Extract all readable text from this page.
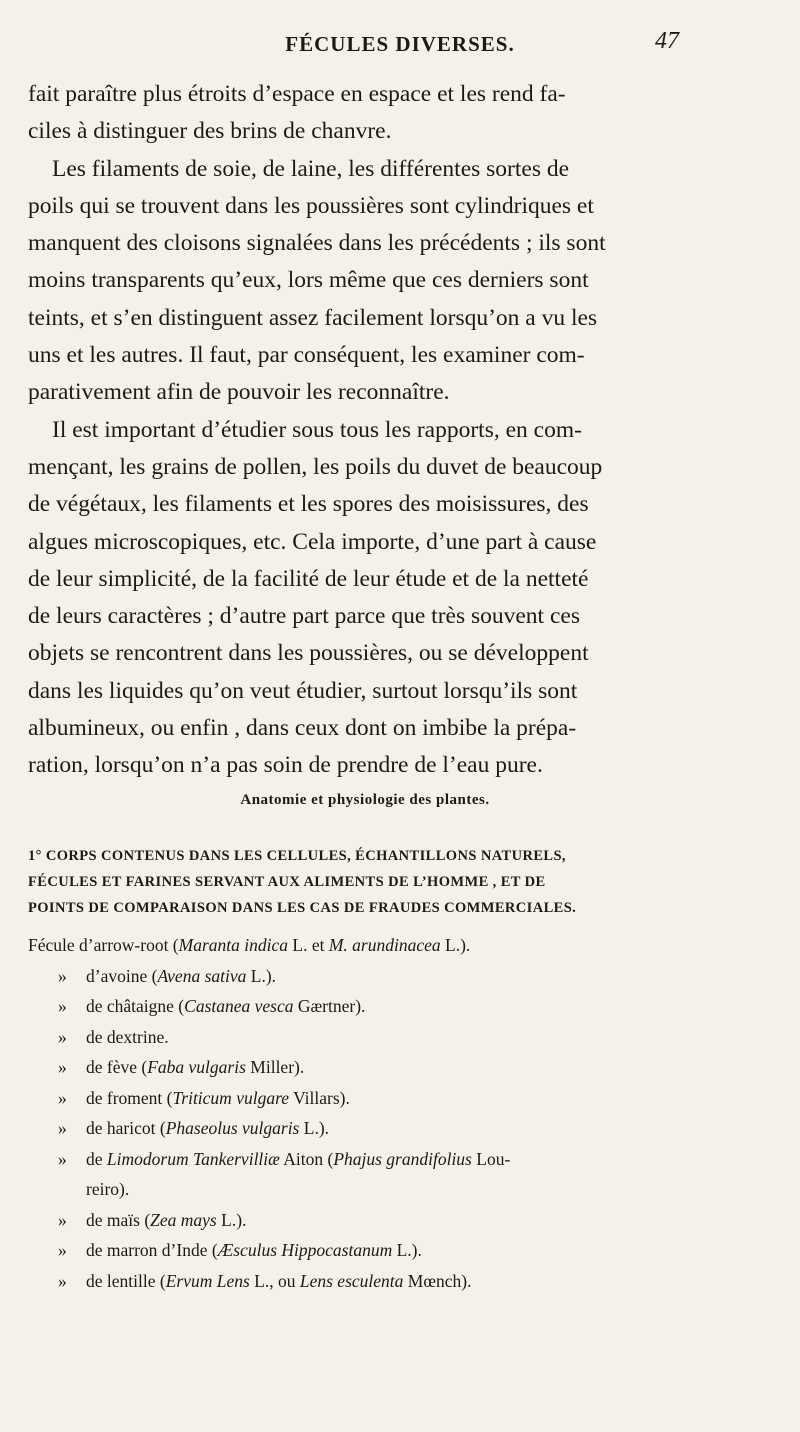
FÉCULES DIVERSES.	47

fait paraître plus étroits d’espace en espace et les rend fa-
ciles à distinguer des brins de chanvre.

Les filaments de soie, de laine, les différentes sortes de
poils qui se trouvent dans les poussières sont cylindriques et
manquent des cloisons signalées dans les précédents ; ils sont
moins transparents qu’eux, lors même que ces derniers sont
teints, et s’en distinguent assez facilement lorsqu’on a vu les
uns et les autres. Il faut, par conséquent, les examiner com-
parativement afin de pouvoir les reconnaître.

Il est important d’étudier sous tous les rapports, en com-
mençant, les grains de pollen, les poils du duvet de beaucoup
de végétaux, les filaments et les spores des moisissures, des
algues microscopiques, etc. Cela importe, d’une part à cause
de leur simplicité, de la facilité de leur étude et de la netteté
de leurs caractères ; d’autre part parce que très souvent ces
objets se rencontrent dans les poussières, ou se développent
dans les liquides qu’on veut étudier, surtout lorsqu’ils sont
albumineux, ou enfin , dans ceux dont on imbibe la prépa-
ration, lorsqu’on n’a pas soin de prendre de l’eau pure.

Anatomie et physiologie des plantes.
1° CORPS CONTENUS DANS LES CELLULES, ÉCHANTILLONS NATURELS,
FÉCULES ET FARINES SERVANT AUX ALIMENTS DE L’HOMME , ET DE
POINTS DE COMPARAISON DANS LES CAS DE FRAUDES COMMERCIALES.
Fécule d’arrow-root (Maranta indica L. et M. arundinacea L.).
» d’avoine (Avena sativa L.).
» de châtaigne (Castanea vesca Gærtner).
» de dextrine.
» de fève (Faba vulgaris Miller).
» de froment (Triticum vulgare Villars).
» de haricot (Phaseolus vulgaris L.).
» de Limodorum Tankervilliæ Aiton (Phajus grandifolius Lou-
reiro).
» de maïs (Zea mays L.).
» de marron d’Inde (Æsculus Hippocastanum L.).
» de lentille (Ervum Lens L., ou Lens esculenta Mœnch).
